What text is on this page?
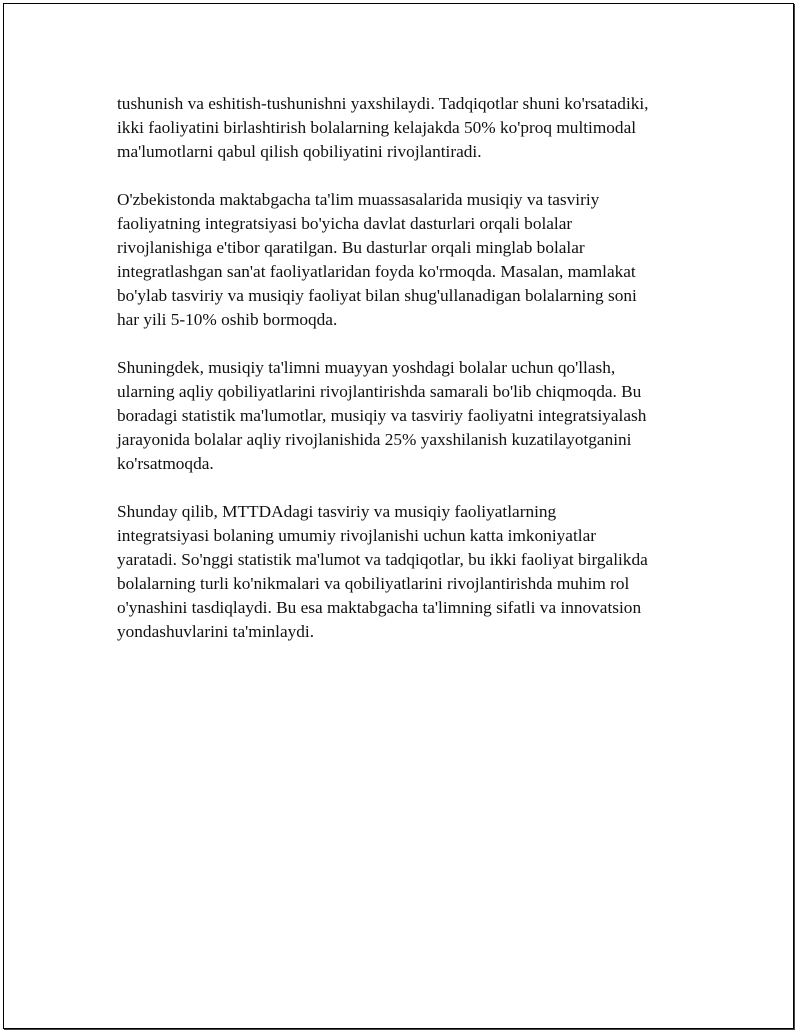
tushunish va eshitish-tushunishni yaxshilaydi. Tadqiqotlar shuni ko'rsatadiki,
ikki faoliyatini birlashtirish bolalarning kelajakda 50% ko'proq multimodal
ma'lumotlarni qabul qilish qobiliyatini rivojlantiradi.

O'zbekistonda maktabgacha ta'lim muassasalarida musiqiy va tasviriy
faoliyatning integratsiyasi bo'yicha davlat dasturlari orqali bolalar
rivojlanishiga e'tibor qaratilgan. Bu dasturlar orqali minglab bolalar
integratlashgan san'at faoliyatlaridan foyda ko'rmoqda. Masalan, mamlakat
bo'ylab tasviriy va musiqiy faoliyat bilan shug'ullanadigan bolalarning soni
har yili 5-10% oshib bormoqda.

Shuningdek, musiqiy ta'limni muayyan yoshdagi bolalar uchun qo'llash,
ularning aqliy qobiliyatlarini rivojlantirishda samarali bo'lib chiqmoqda. Bu
boradagi statistik ma'lumotlar, musiqiy va tasviriy faoliyatni integratsiyalash
jarayonida bolalar aqliy rivojlanishida 25% yaxshilanish kuzatilayotganini
ko'rsatmoqda.

Shunday qilib, MTTDAdagi tasviriy va musiqiy faoliyatlarning
integratsiyasi bolaning umumiy rivojlanishi uchun katta imkoniyatlar
yaratadi. So'nggi statistik ma'lumot va tadqiqotlar, bu ikki faoliyat birgalikda
bolalarning turli ko'nikmalari va qobiliyatlarini rivojlantirishda muhim rol
o'ynashini tasdiqlaydi. Bu esa maktabgacha ta'limning sifatli va innovatsion
yondashuvlarini ta'minlaydi.
